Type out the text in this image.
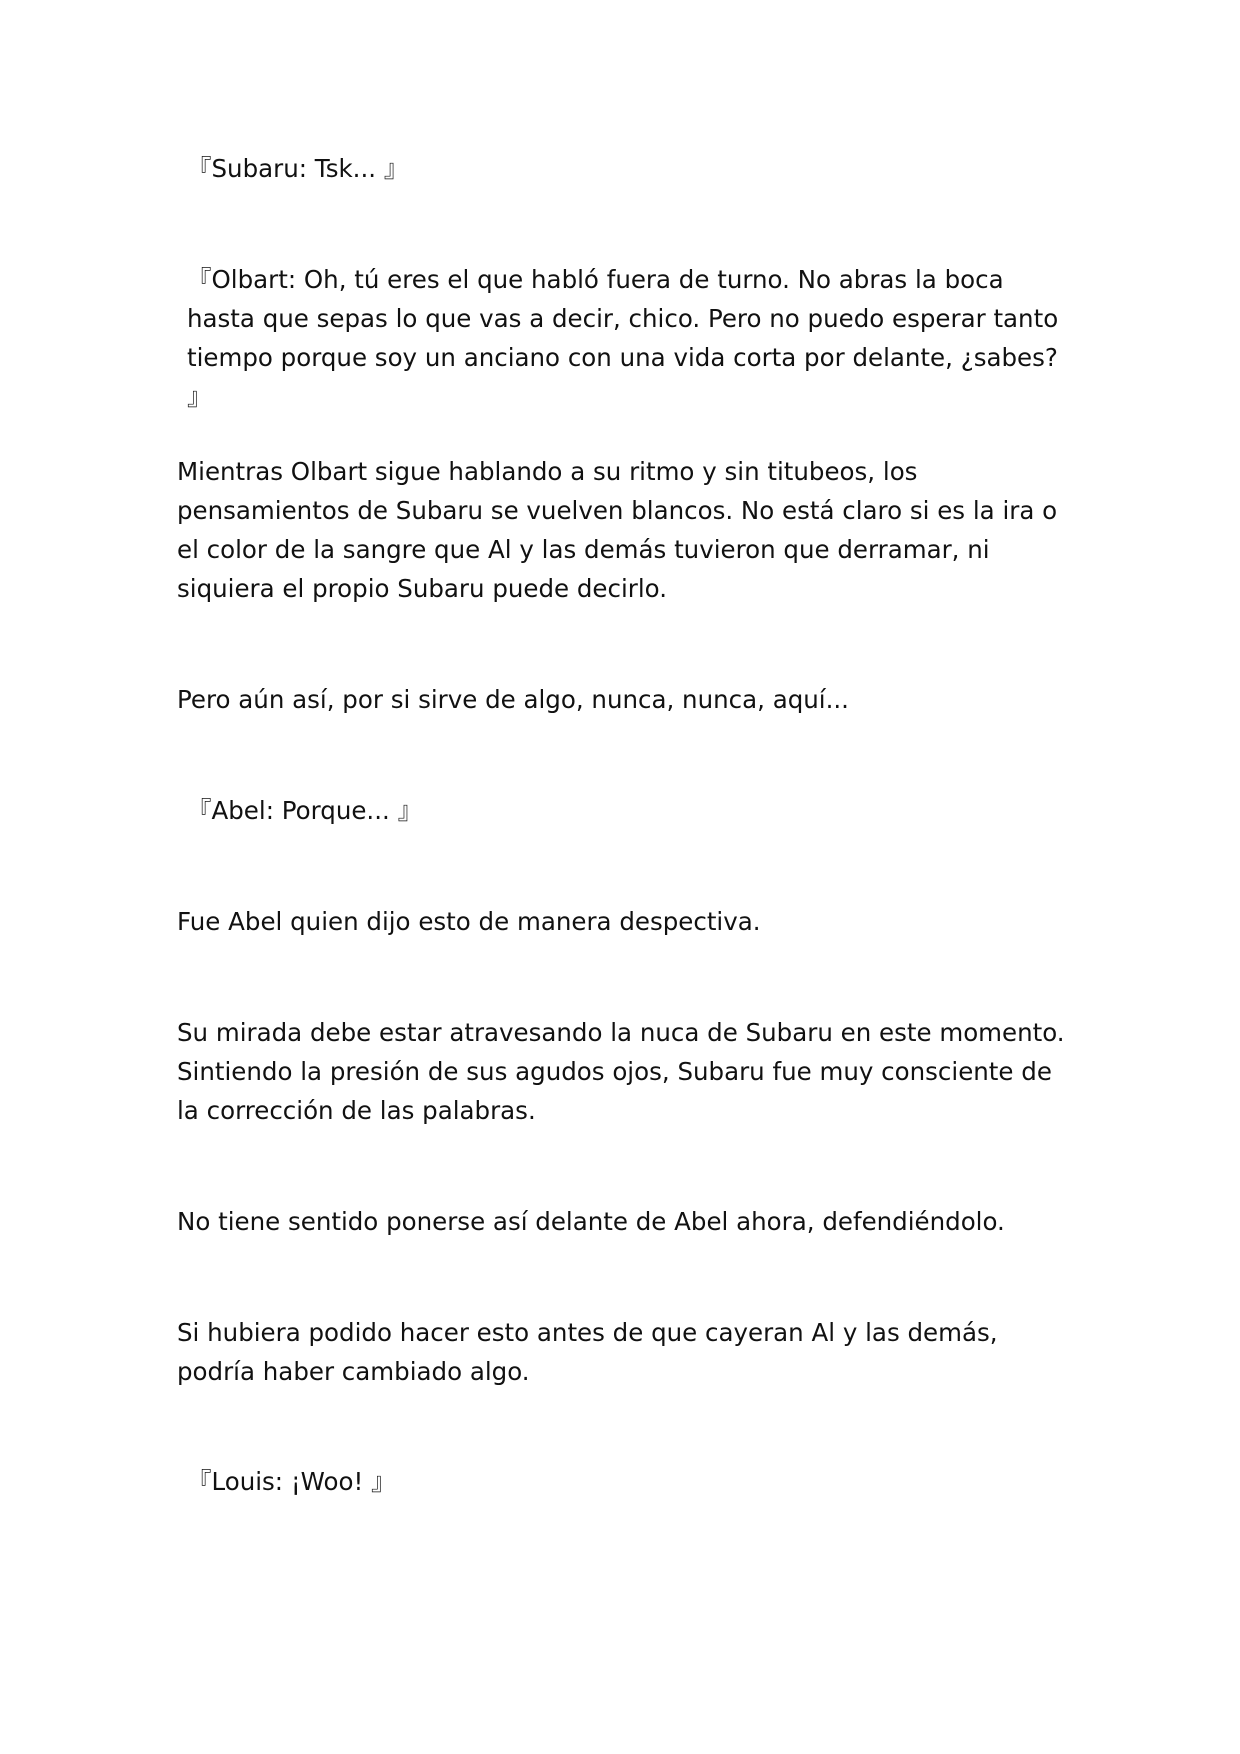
『Subaru: Tsk... 』

『Olbart: Oh, tú eres el que habló fuera de turno. No abras la boca hasta que sepas lo que vas a decir, chico. Pero no puedo esperar tanto tiempo porque soy un anciano con una vida corta por delante, ¿sabes? 』

Mientras Olbart sigue hablando a su ritmo y sin titubeos, los pensamientos de Subaru se vuelven blancos. No está claro si es la ira o el color de la sangre que Al y las demás tuvieron que derramar, ni siquiera el propio Subaru puede decirlo.

Pero aún así, por si sirve de algo, nunca, nunca, aquí...

『Abel: Porque... 』

Fue Abel quien dijo esto de manera despectiva.

Su mirada debe estar atravesando la nuca de Subaru en este momento. Sintiendo la presión de sus agudos ojos, Subaru fue muy consciente de la corrección de las palabras.

No tiene sentido ponerse así delante de Abel ahora, defendiéndolo.

Si hubiera podido hacer esto antes de que cayeran Al y las demás, podría haber cambiado algo.

『Louis: ¡Woo! 』
